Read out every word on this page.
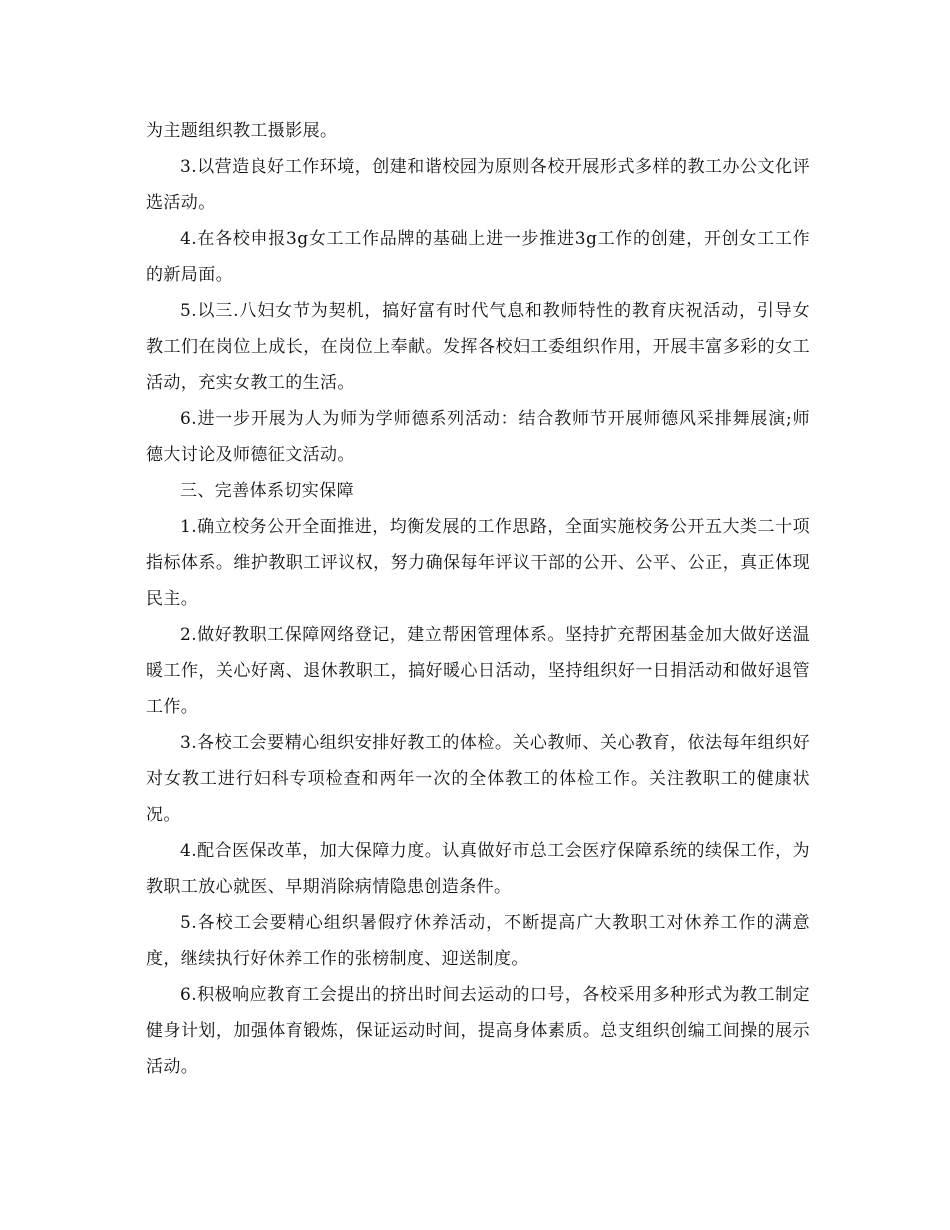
为主题组织教工摄影展。

3.以营造良好工作环境，创建和谐校园为原则各校开展形式多样的教工办公文化评选活动。

4.在各校申报3g女工工作品牌的基础上进一步推进3g工作的创建，开创女工工作的新局面。

5.以三.八妇女节为契机，搞好富有时代气息和教师特性的教育庆祝活动，引导女教工们在岗位上成长，在岗位上奉献。发挥各校妇工委组织作用，开展丰富多彩的女工活动，充实女教工的生活。

6.进一步开展为人为师为学师德系列活动：结合教师节开展师德风采排舞展演;师德大讨论及师德征文活动。

三、完善体系切实保障

1.确立校务公开全面推进，均衡发展的工作思路，全面实施校务公开五大类二十项指标体系。维护教职工评议权，努力确保每年评议干部的公开、公平、公正，真正体现民主。

2.做好教职工保障网络登记，建立帮困管理体系。坚持扩充帮困基金加大做好送温暖工作，关心好离、退休教职工，搞好暖心日活动，坚持组织好一日捐活动和做好退管工作。

3.各校工会要精心组织安排好教工的体检。关心教师、关心教育，依法每年组织好对女教工进行妇科专项检查和两年一次的全体教工的体检工作。关注教职工的健康状况。

4.配合医保改革，加大保障力度。认真做好市总工会医疗保障系统的续保工作，为教职工放心就医、早期消除病情隐患创造条件。

5.各校工会要精心组织暑假疗休养活动，不断提高广大教职工对休养工作的满意度，继续执行好休养工作的张榜制度、迎送制度。

6.积极响应教育工会提出的挤出时间去运动的口号，各校采用多种形式为教工制定健身计划，加强体育锻炼，保证运动时间，提高身体素质。总支组织创编工间操的展示活动。
